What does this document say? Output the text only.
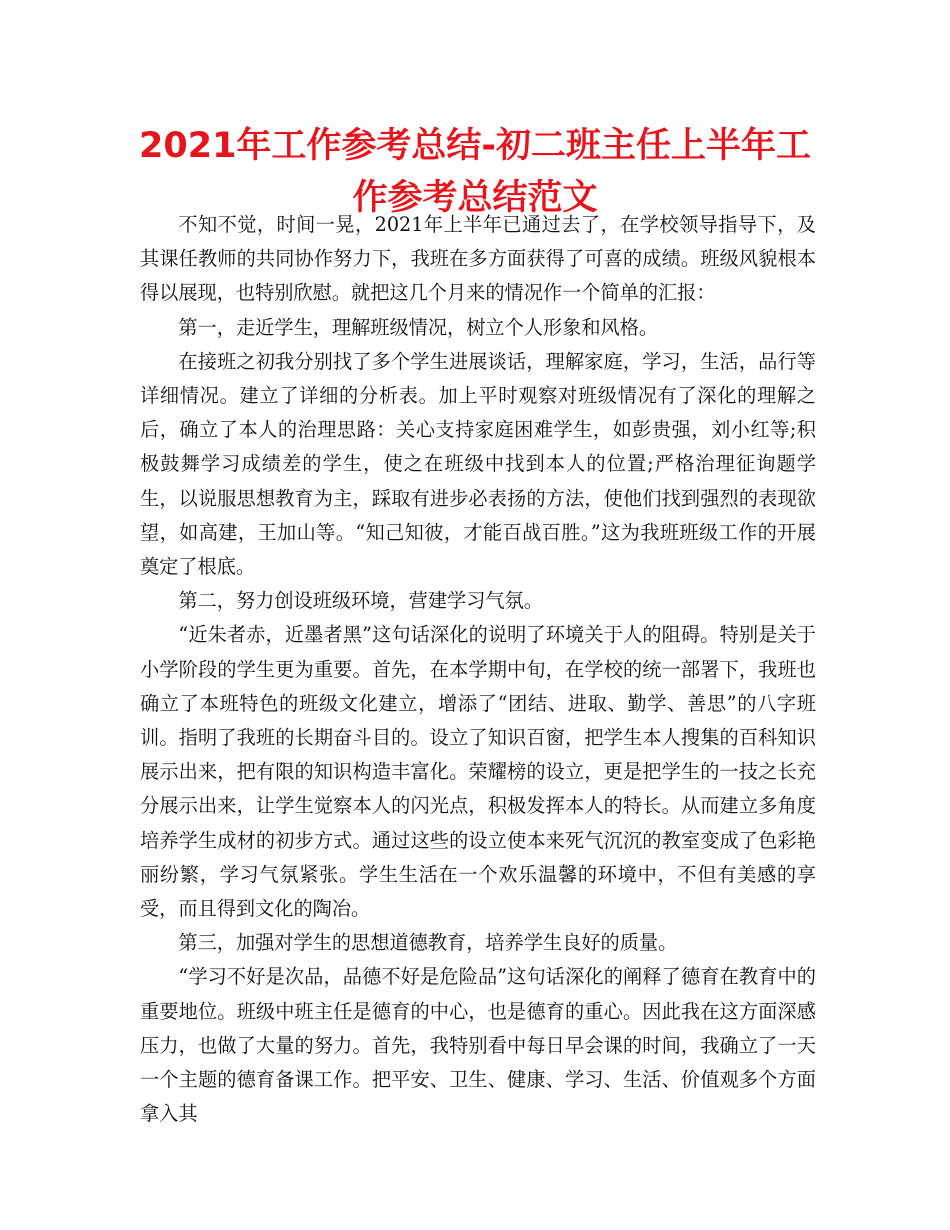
2021年工作参考总结-初二班主任上半年工作参考总结范文

不知不觉，时间一晃，2021年上半年已通过去了，在学校领导指导下，及其课任教师的共同协作努力下，我班在多方面获得了可喜的成绩。班级风貌根本得以展现，也特别欣慰。就把这几个月来的情况作一个简单的汇报：

第一，走近学生，理解班级情况，树立个人形象和风格。

在接班之初我分别找了多个学生进展谈话，理解家庭，学习，生活，品行等详细情况。建立了详细的分析表。加上平时观察对班级情况有了深化的理解之后，确立了本人的治理思路：关心支持家庭困难学生，如彭贵强，刘小红等;积极鼓舞学习成绩差的学生，使之在班级中找到本人的位置;严格治理征询题学生，以说服思想教育为主，踩取有进步必表扬的方法，使他们找到强烈的表现欲望，如高建，王加山等。“知己知彼，才能百战百胜。”这为我班班级工作的开展奠定了根底。

第二，努力创设班级环境，营建学习气氛。

“近朱者赤，近墨者黑”这句话深化的说明了环境关于人的阻碍。特别是关于小学阶段的学生更为重要。首先，在本学期中旬，在学校的统一部署下，我班也确立了本班特色的班级文化建立，增添了“团结、进取、勤学、善思”的八字班训。指明了我班的长期奋斗目的。设立了知识百窗，把学生本人搜集的百科知识展示出来，把有限的知识构造丰富化。荣耀榜的设立，更是把学生的一技之长充分展示出来，让学生觉察本人的闪光点，积极发挥本人的特长。从而建立多角度培养学生成材的初步方式。通过这些的设立使本来死气沉沉的教室变成了色彩艳丽纷繁，学习气氛紧张。学生生活在一个欢乐温馨的环境中，不但有美感的享受，而且得到文化的陶冶。

第三，加强对学生的思想道德教育，培养学生良好的质量。

“学习不好是次品，品德不好是危险品”这句话深化的阐释了德育在教育中的重要地位。班级中班主任是德育的中心，也是德育的重心。因此我在这方面深感压力，也做了大量的努力。首先，我特别看中每日早会课的时间，我确立了一天一个主题的德育备课工作。把平安、卫生、健康、学习、生活、价值观多个方面拿入其
